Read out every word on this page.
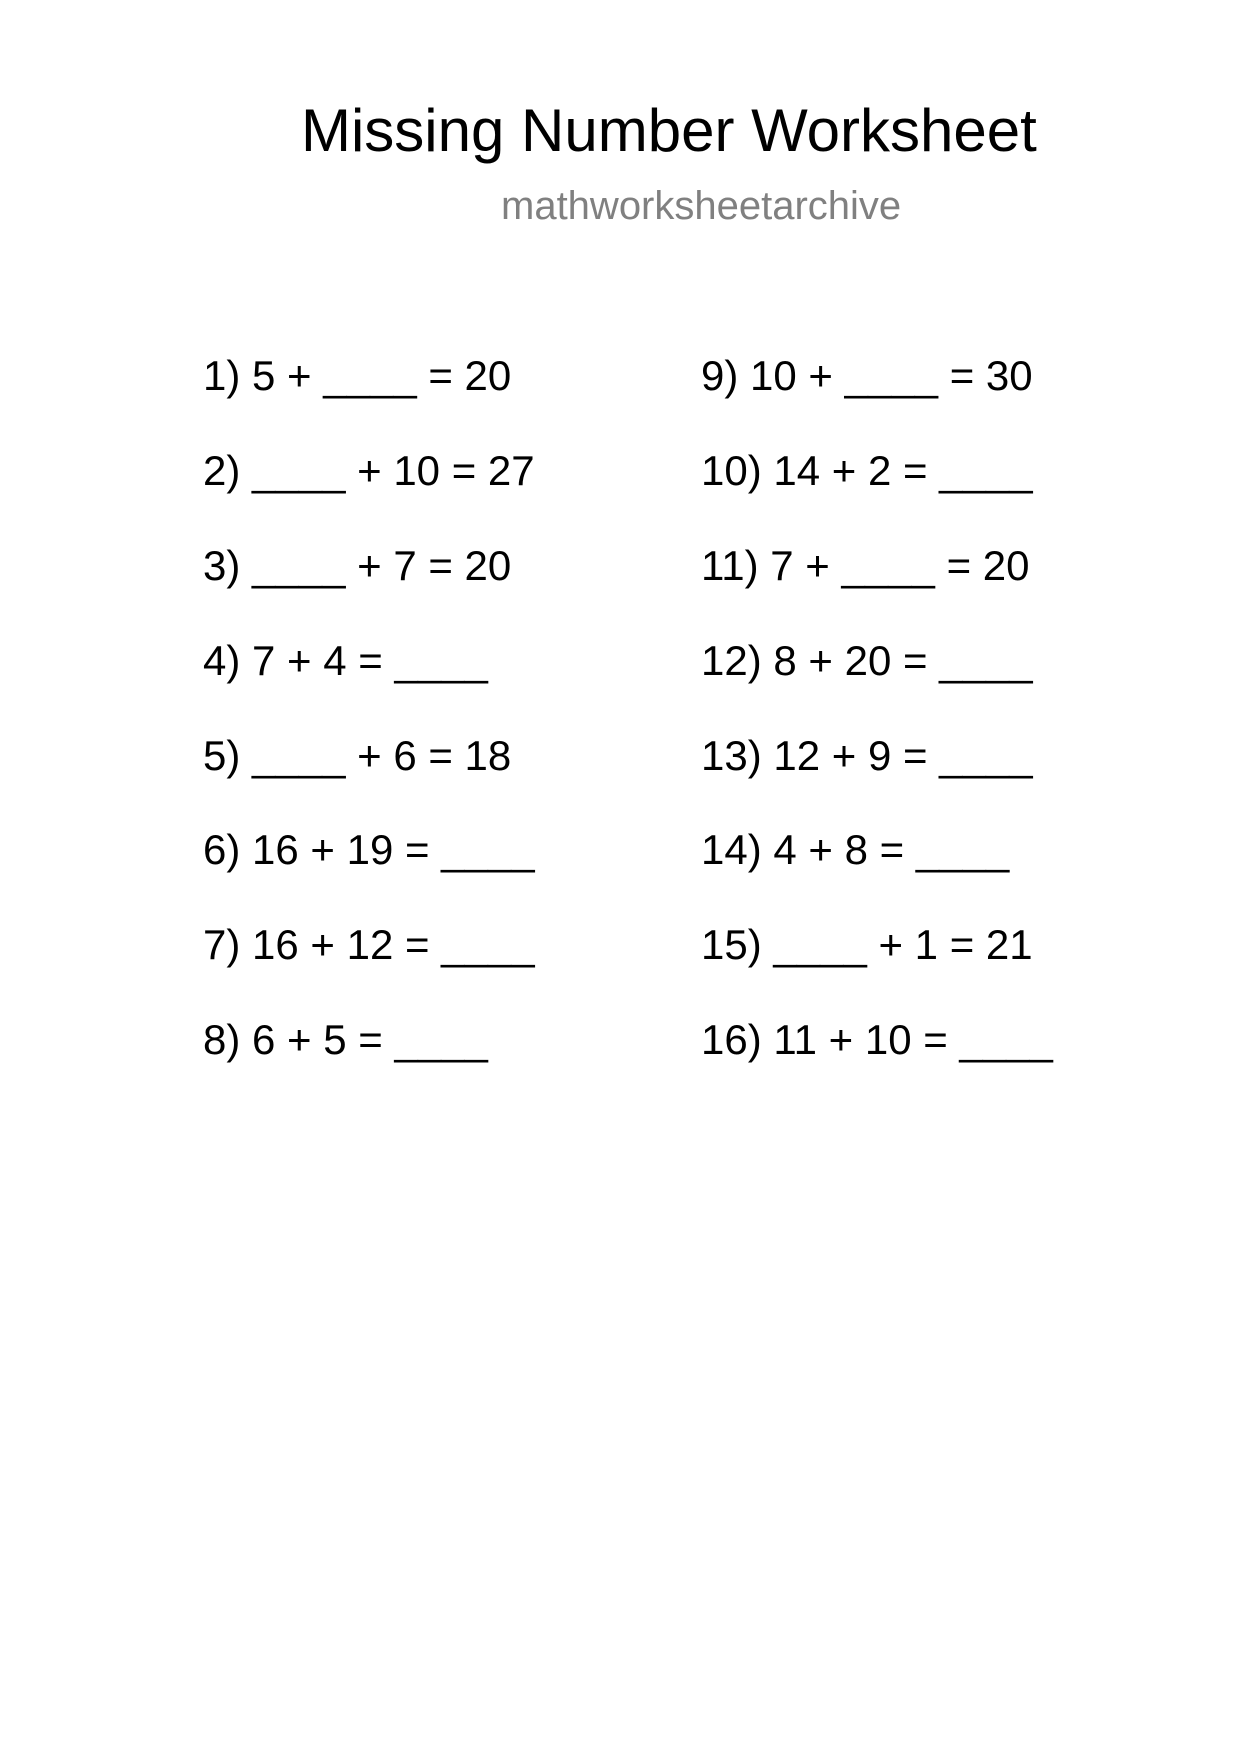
Missing Number Worksheet
mathworksheetarchive
1) 5 + ____ = 20
2) ____ + 10 = 27
3) ____ + 7 = 20
4) 7 + 4 = ____
5) ____ + 6 = 18
6) 16 + 19 = ____
7) 16 + 12 = ____
8) 6 + 5 = ____
9) 10 + ____ = 30
10) 14 + 2 = ____
11) 7 + ____ = 20
12) 8 + 20 = ____
13) 12 + 9 = ____
14) 4 + 8 = ____
15) ____ + 1 = 21
16) 11 + 10 = ____
